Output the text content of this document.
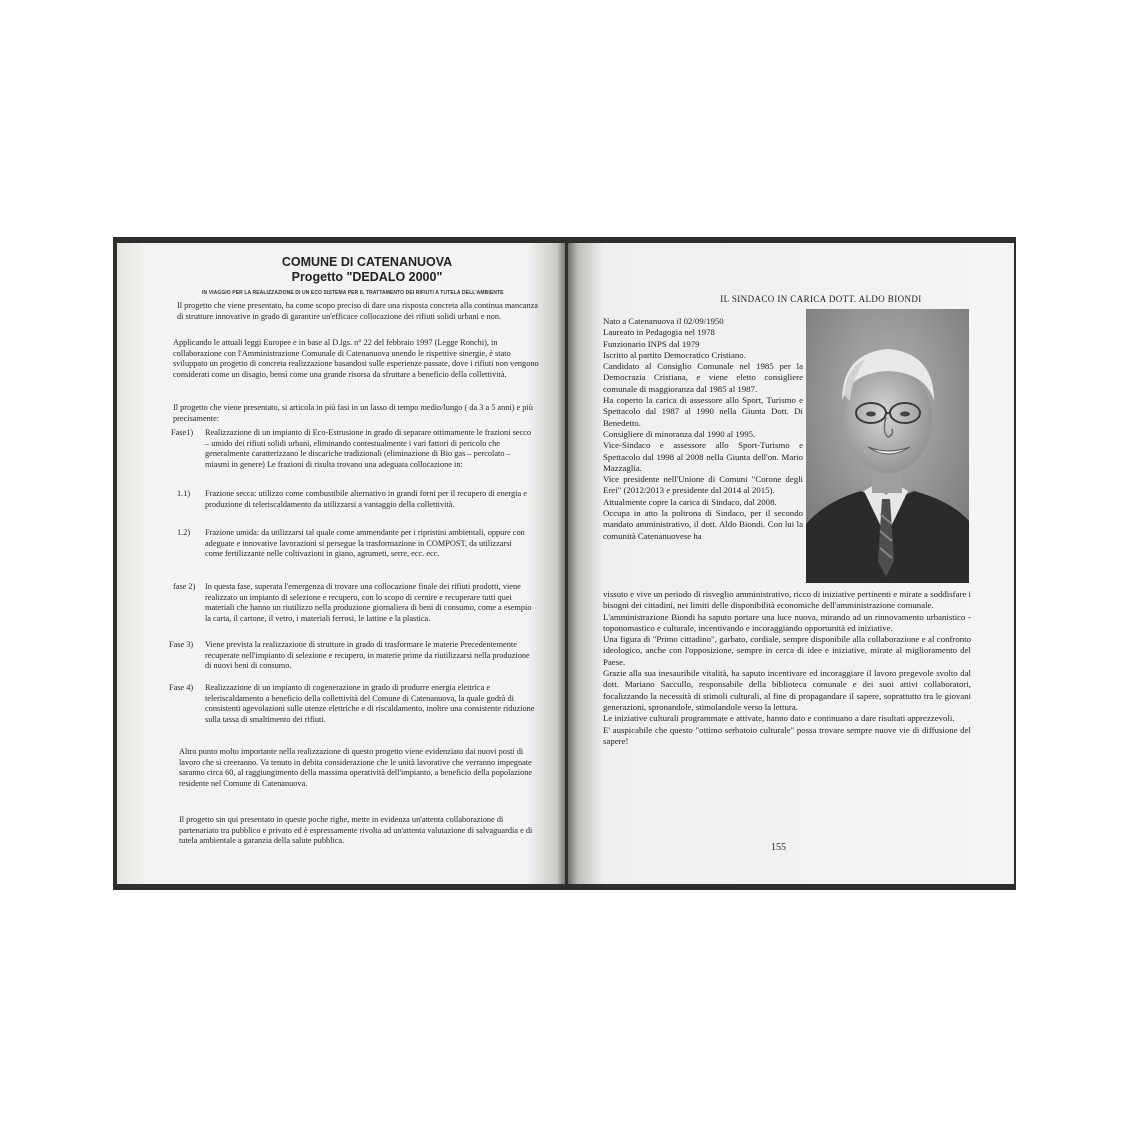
COMUNE DI CATENANUOVA
Progetto "DEDALO 2000"
IN VIAGGIO PER LA REALIZZAZIONE DI UN ECO SISTEMA PER IL TRATTAMENTO DEI RIFIUTI A TUTELA DELL'AMBIENTE
Il progetto che viene presentato, ha come scopo preciso di dare una risposta concreta alla continua mancanza di strutture innovative in grado di garantire un'efficace collocazione dei rifiuti solidi urbani e non.
Applicando le attuali leggi Europee e in base al D.lgs. n° 22 del febbraio 1997 (Legge Ronchi), in collaborazione con l'Amministrazione Comunale di Catenanuova unendo le rispettive sinergie, è stato sviluppato un progetto di concreta realizzazione basandosi sulle esperienze passate, dove i rifiuti non vengono considerati come un disagio, bensì come una grande risorsa da sfruttare a beneficio della collettività.
Il progetto che viene presentato, si articola in più fasi in un lasso di tempo medio/lungo ( da 3 a 5 anni) e più precisamente:
Fase1) Realizzazione di un impianto di Eco-Estrusione in grado di separare ottimamente le frazioni secco – umido dei rifiuti solidi urbani, eliminando contestualmente i vari fattori di pericolo che generalmente caratterizzano le discariche tradizionali (eliminazione di Bio gas – percolato – miasmi in genere) Le frazioni di risulta trovano una adeguata collocazione in:
1.1) Frazione secca: utilizzo come combustibile alternativo in grandi forni per il recupero di energia e produzione di teleriscaldamento da utilizzarsi a vantaggio della collettività.
1.2) Frazione umida: da utilizzarsi tal quale come ammendante per i ripristini ambientali, oppure con adeguate e innovative lavorazioni si persegue la trasformazione in COMPOST, da utilizzarsi come fertilizzante nelle coltivazioni in giano, agrumeti, serre, ecc. ecc.
fase 2) In questa fase, superata l'emergenza di trovare una collocazione finale dei rifiuti prodotti, viene realizzato un impianto di selezione e recupero, con lo scopo di cernire e recuperare tutti quei materiali che hanno un riutilizzo nella produzione giornaliera di beni di consumo, come a esempio la carta, il cartone, il vetro, i materiali ferrosi, le lattine e la plastica.
Fase 3) Viene prevista la realizzazione di strutture in grado di trasformare le materie Precedentemente recuperate nell'impianto di selezione e recupero, in materie prime da riutilizzarsi nella produzione di nuovi beni di consumo.
Fase 4) Realizzazione di un impianto di cogenerazione in grado di produrre energia elettrica e teleriscaldamento a beneficio della collettività del Comune di Catenanuova, la quale godrà di consistenti agevolazioni sulle utenze elettriche e di riscaldamento, inoltre una consistente riduzione sulla tassa di smaltimento dei rifiuti.
Altro punto molto importante nella realizzazione di questo progetto viene evidenziato dai nuovi posti di lavoro che si creeranno. Va tenuto in debita considerazione che le unità lavorative che verranno impegnate saranno circa 60, al raggiungimento della massima operatività dell'impianto, a beneficio della popolazione residente nel Comune di Catenanuova.
Il progetto sin qui presentato in queste poche righe, mette in evidenza un'attenta collaborazione di partenariato tra pubblico e privato ed è espressamente rivolta ad un'attenta valutazione di salvaguardia e di tutela ambientale a garanzia della salute pubblica.
IL SINDACO IN CARICA DOTT. ALDO BIONDI
Nato a Catenanuova il 02/09/1950
Laureato in Pedagogia nel 1978
Funzionario INPS dal 1979
Iscritto al partito Democratico Cristiano.
Candidato al Consiglio Comunale nel 1985 per la Democrazia Cristiana, e viene eletto consigliere comunale di maggioranza dal 1985 al 1987.
Ha coperto la carica di assessore allo Sport, Turismo e Spettacolo dal 1987 al 1990 nella Giunta Dott. Di Benedetto.
Consigliere di minoranza dal 1990 al 1995.
Vice-Sindaco e assessore allo Sport-Turismo e Spettacolo dal 1998 al 2008 nella Giunta dell'on. Mario Mazzaglia.
Vice presidente nell'Unione di Comuni "Corone degli Erei" (2012/2013 e presidente dal 2014 al 2015).
Attualmente copre la carica di Sindaco, dal 2008.
Occupa in atto la poltrona di Sindaco, per il secondo mandato amministrativo, il dott. Aldo Biondi. Con lui la comunità Catenanuovese ha
vissuto e vive un periodo di risveglio amministrativo, ricco di iniziative pertinenti e mirate a soddisfare i bisogni dei cittadini, nei limiti delle disponibilità economiche dell'amministrazione comunale.
L'amministrazione Biondi ha saputo portare una luce nuova, mirando ad un rinnovamento urbanistico - toponomastico e culturale, incentivando e incoraggiando opportunità ed iniziative.
Una figura di "Primo cittadino", garbato, cordiale, sempre disponibile alla collaborazione e al confronto ideologico, anche con l'opposizione, sempre in cerca di idee e iniziative, mirate al miglioramento del Paese.
Grazie alla sua inesauribile vitalità, ha saputo incentivare ed incoraggiare il lavoro pregevole svolto dal dott. Mariano Saccullo, responsabile della biblioteca comunale e dei suoi attivi collaboratori, focalizzando la necessità di stimoli culturali, al fine di propagandare il sapere, soprattutto tra le giovani generazioni, spronandole, stimolandole verso la lettura.
Le iniziative culturali programmate e attivate, hanno dato e continuano a dare risultati apprezzevoli.
E' auspicabile che questo "ottimo serbatoio culturale" possa trovare sempre nuove vie di diffusione del sapere!
155
